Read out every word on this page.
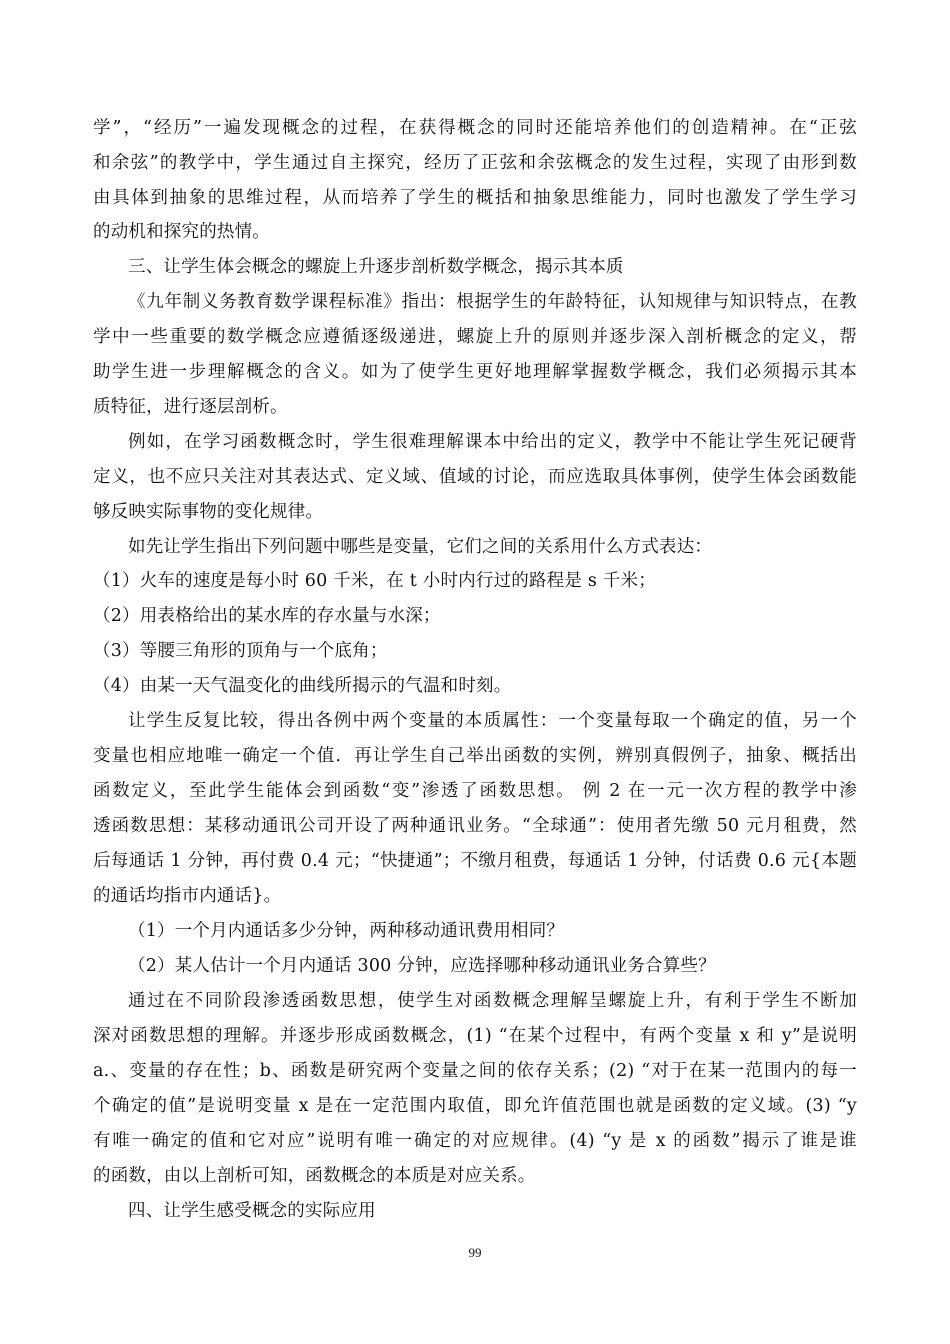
学”，“经历”一遍发现概念的过程，在获得概念的同时还能培养他们的创造精神。在“正弦
和余弦”的教学中，学生通过自主探究，经历了正弦和余弦概念的发生过程，实现了由形到数
由具体到抽象的思维过程，从而培养了学生的概括和抽象思维能力，同时也激发了学生学习
的动机和探究的热情。
三、让学生体会概念的螺旋上升逐步剖析数学概念，揭示其本质
《九年制义务教育数学课程标准》指出：根据学生的年龄特征，认知规律与知识特点，在教
学中一些重要的数学概念应遵循逐级递进，螺旋上升的原则并逐步深入剖析概念的定义，帮
助学生进一步理解概念的含义。如为了使学生更好地理解掌握数学概念，我们必须揭示其本
质特征，进行逐层剖析。
例如，在学习函数概念时，学生很难理解课本中给出的定义，教学中不能让学生死记硬背
定义，也不应只关注对其表达式、定义域、值域的讨论，而应选取具体事例，使学生体会函数能
够反映实际事物的变化规律。
如先让学生指出下列问题中哪些是变量，它们之间的关系用什么方式表达：
（1）火车的速度是每小时 60 千米，在 t 小时内行过的路程是 s 千米；
（2）用表格给出的某水库的存水量与水深；
（3）等腰三角形的顶角与一个底角；
（4）由某一天气温变化的曲线所揭示的气温和时刻。
让学生反复比较，得出各例中两个变量的本质属性：一个变量每取一个确定的值，另一个
变量也相应地唯一确定一个值．再让学生自己举出函数的实例，辨别真假例子，抽象、概括出
函数定义，至此学生能体会到函数“变”渗透了函数思想。 例 2 在一元一次方程的教学中渗
透函数思想：某移动通讯公司开设了两种通讯业务。“全球通”：使用者先缴 50 元月租费，然
后每通话 1 分钟，再付费 0.4 元；“快捷通”；不缴月租费，每通话 1 分钟，付话费 0.6 元{本题
的通话均指市内通话}。
（1）一个月内通话多少分钟，两种移动通讯费用相同？
（2）某人估计一个月内通话 300 分钟，应选择哪种移动通讯业务合算些？
通过在不同阶段渗透函数思想，使学生对函数概念理解呈螺旋上升，有利于学生不断加
深对函数思想的理解。并逐步形成函数概念，(1) “在某个过程中，有两个变量 x 和 y”是说明
a.、变量的存在性；b、函数是研究两个变量之间的依存关系；(2) “对于在某一范围内的每一
个确定的值”是说明变量 x 是在一定范围内取值，即允许值范围也就是函数的定义域。(3) “y
有唯一确定的值和它对应”说明有唯一确定的对应规律。(4) “y 是 x 的函数”揭示了谁是谁
的函数，由以上剖析可知，函数概念的本质是对应关系。
四、让学生感受概念的实际应用
99
